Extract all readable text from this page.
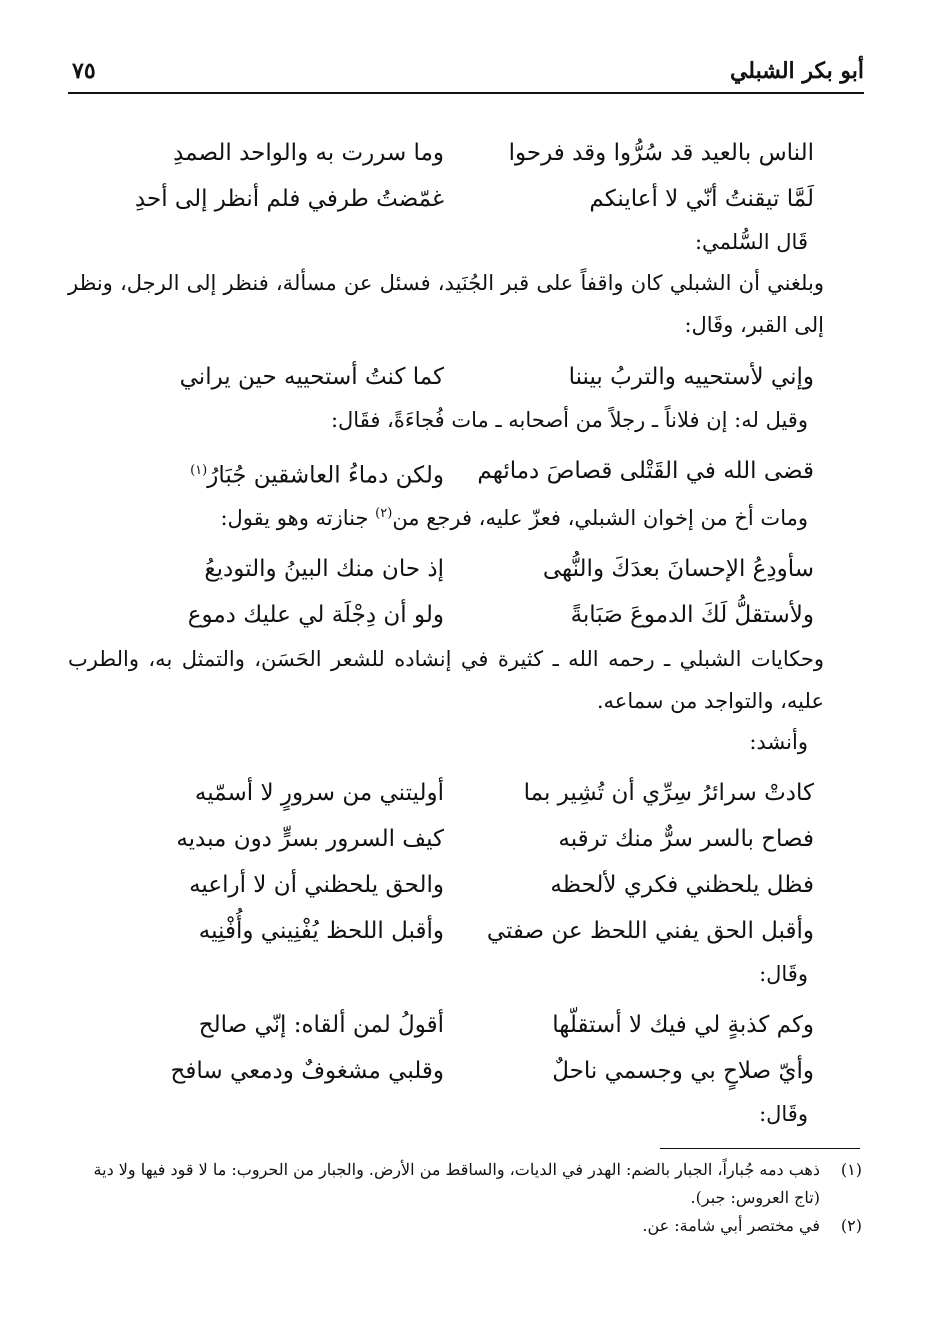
أبو بكر الشبلي
٧٥
الناس بالعيد قد سُرُّوا وقد فرحوا
وما سررت به والواحد الصمدِ
لَمَّا تيقنتُ أنّي لا أعاينكم
غمّضتُ طرفي فلم أنظر إلى أحدِ
قَال السُّلمي:
وبلغني أن الشبلي كان واقفاً على قبر الجُنَيد، فسئل عن مسألة، فنظر إلى الرجل، ونظر إلى القبر، وقَال:
وإني لأستحييه والتربُ بيننا
كما كنتُ أستحييه حين يراني
وقيل له: إن فلاناً ـ رجلاً من أصحابه ـ مات فُجاءَةً، فقَال:
قضى الله في القَتْلى قصاصَ دمائهم
ولكن دماءُ العاشقين جُبَارُ$^{(١)}$
ومات أخ من إخوان الشبلي، فعزّ عليه، فرجع من$^{(٢)}$ جنازته وهو يقول:
سأودِعُ الإحسانَ بعدَكَ والنُّهى
إذ حان منك البينُ والتوديعُ
ولأستقلُّ لَكَ الدموعَ صَبَابةً
ولو أن دِجْلَة لي عليك دموع
وحكايات الشبلي ـ رحمه الله ـ كثيرة في إنشاده للشعر الحَسَن، والتمثل به، والطرب عليه، والتواجد من سماعه.
وأنشد:
كادتْ سرائرُ سِرِّي أن تُشِير بما
أوليتني من سرورٍ لا أسمّيه
فصاح بالسر سرٌّ منك ترقبه
كيف السرور بسرٍّ دون مبديه
فظل يلحظني فكري لألحظه
والحق يلحظني أن لا أراعيه
وأقبل الحق يفني اللحظ عن صفتي
وأقبل اللحظ يُفْنِيني وأُفْنِيه
وقَال:
وكم كذبةٍ لي فيك لا أستقلّها
أقولُ لمن ألقاه: إنّي صالح
وأيّ صلاحٍ بي وجسمي ناحلٌ
وقلبي مشغوفٌ ودمعي سافح
وقَال:
(١)
ذهب دمه جُباراً، الجبار بالضم: الهدر في الديات، والساقط من الأرض. والجبار من الحروب: ما لا قود فيها ولا دية (تاج العروس: جبر).
(٢)
في مختصر أبي شامة: عن.
